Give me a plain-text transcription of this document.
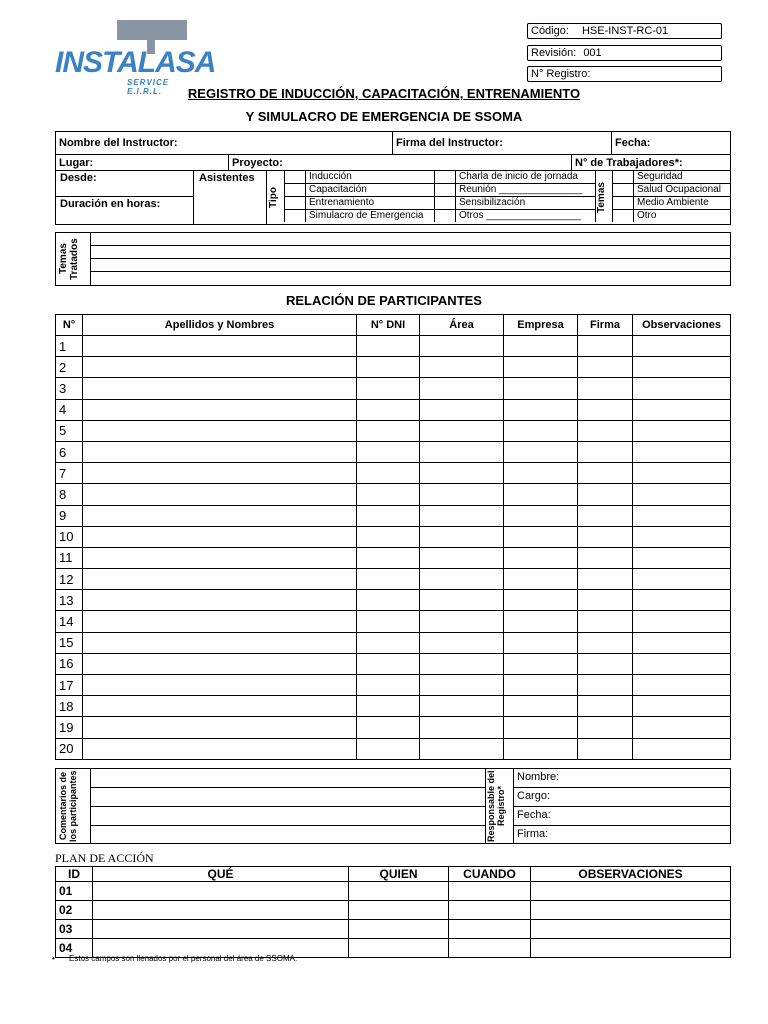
INSTALASA
SERVICE E.I.R.L.
Código: HSE-INST-RC-01
Revisión: 001
N° Registro:
REGISTRO DE INDUCCIÓN, CAPACITACIÓN, ENTRENAMIENTO
Y SIMULACRO DE EMERGENCIA DE SSOMA
Nombre del Instructor:	Firma del Instructor:	Fecha:
Lugar:	Proyecto:	N° de Trabajadores*:
Desde:
Duración en horas:
Asistentes
Tipo
	Inducción		Charla de inicio de jornada
	Capacitación		Reunión _______________
	Entrenamiento		Sensibilización
	Simulacro de Emergencia		Otros _________________
Temas
	Seguridad
	Salud Ocupacional
	Medio Ambiente
	Otro
Temas Tratados
RELACIÓN DE PARTICIPANTES
N°	Apellidos y Nombres	N° DNI	Área	Empresa	Firma	Observaciones
1						
2						
3						
4						
5						
6						
7						
8						
9						
10						
11						
12						
13						
14						
15						
16						
17						
18						
19						
20						
Comentarios de los participantes	Responsable del Registro*
Nombre:
Cargo:
Fecha:
Firma:
PLAN DE ACCIÓN
ID	QUÉ	QUIEN	CUANDO	OBSERVACIONES
01				
02				
03				
04				
• Estos campos son llenados por el personal del área de SSOMA.
